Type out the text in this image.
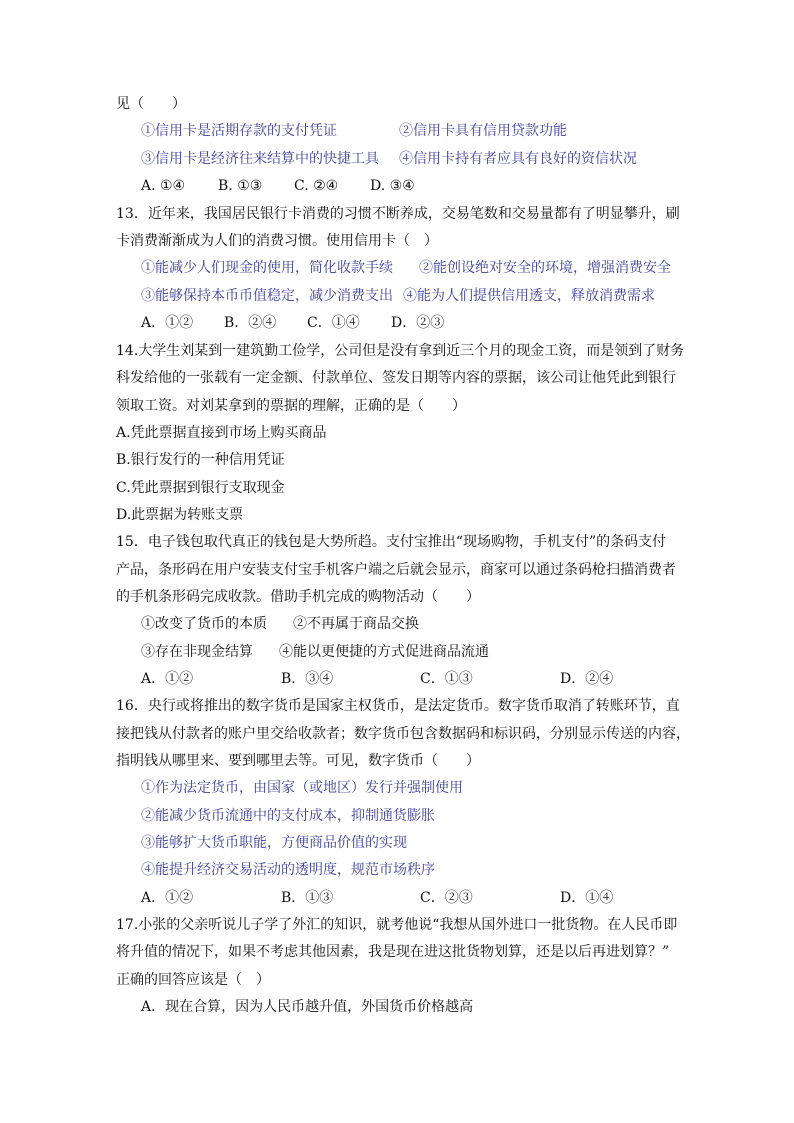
见（　　）
①信用卡是活期存款的支付凭证	②信用卡具有信用贷款功能
③信用卡是经济往来结算中的快捷工具 ④信用卡持有者应具有良好的资信状况
A. ①④ B. ①③ C. ②④ D. ③④
13．近年来，我国居民银行卡消费的习惯不断养成，交易笔数和交易量都有了明显攀升，刷
卡消费渐渐成为人们的消费习惯。使用信用卡（　）
①能减少人们现金的使用，简化收款手续 ②能创设绝对安全的环境，增强消费安全
③能够保持本币币值稳定，减少消费支出 ④能为人们提供信用透支，释放消费需求
A．①② B．②④ C．①④ D．②③
14.大学生刘某到一建筑勤工俭学，公司但是没有拿到近三个月的现金工资，而是领到了财务
科发给他的一张载有一定金额、付款单位、签发日期等内容的票据，该公司让他凭此到银行
领取工资。对刘某拿到的票据的理解，正确的是（　　）
A.凭此票据直接到市场上购买商品
B.银行发行的一种信用凭证
C.凭此票据到银行支取现金
D.此票据为转账支票
15．电子钱包取代真正的钱包是大势所趋。支付宝推出“现场购物，手机支付”的条码支付
产品，条形码在用户安装支付宝手机客户端之后就会显示，商家可以通过条码枪扫描消费者
的手机条形码完成收款。借助手机完成的购物活动（　　）
①改变了货币的本质 ②不再属于商品交换
③存在非现金结算 ④能以更便捷的方式促进商品流通
A．①②	B．③④	C．①③	D．②④
16．央行或将推出的数字货币是国家主权货币，是法定货币。数字货币取消了转账环节，直
接把钱从付款者的账户里交给收款者；数字货币包含数据码和标识码，分别显示传送的内容，
指明钱从哪里来、要到哪里去等。可见，数字货币（　　）
①作为法定货币，由国家（或地区）发行并强制使用
②能减少货币流通中的支付成本，抑制通货膨胀
③能够扩大货币职能，方便商品价值的实现
④能提升经济交易活动的透明度，规范市场秩序
A．①②	B．①③	C．②③	D．①④
17.小张的父亲听说儿子学了外汇的知识，就考他说“我想从国外进口一批货物。在人民币即
将升值的情况下，如果不考虑其他因素，我是现在进这批货物划算，还是以后再进划算？”
正确的回答应该是（　）
A．现在合算，因为人民币越升值，外国货币价格越高
